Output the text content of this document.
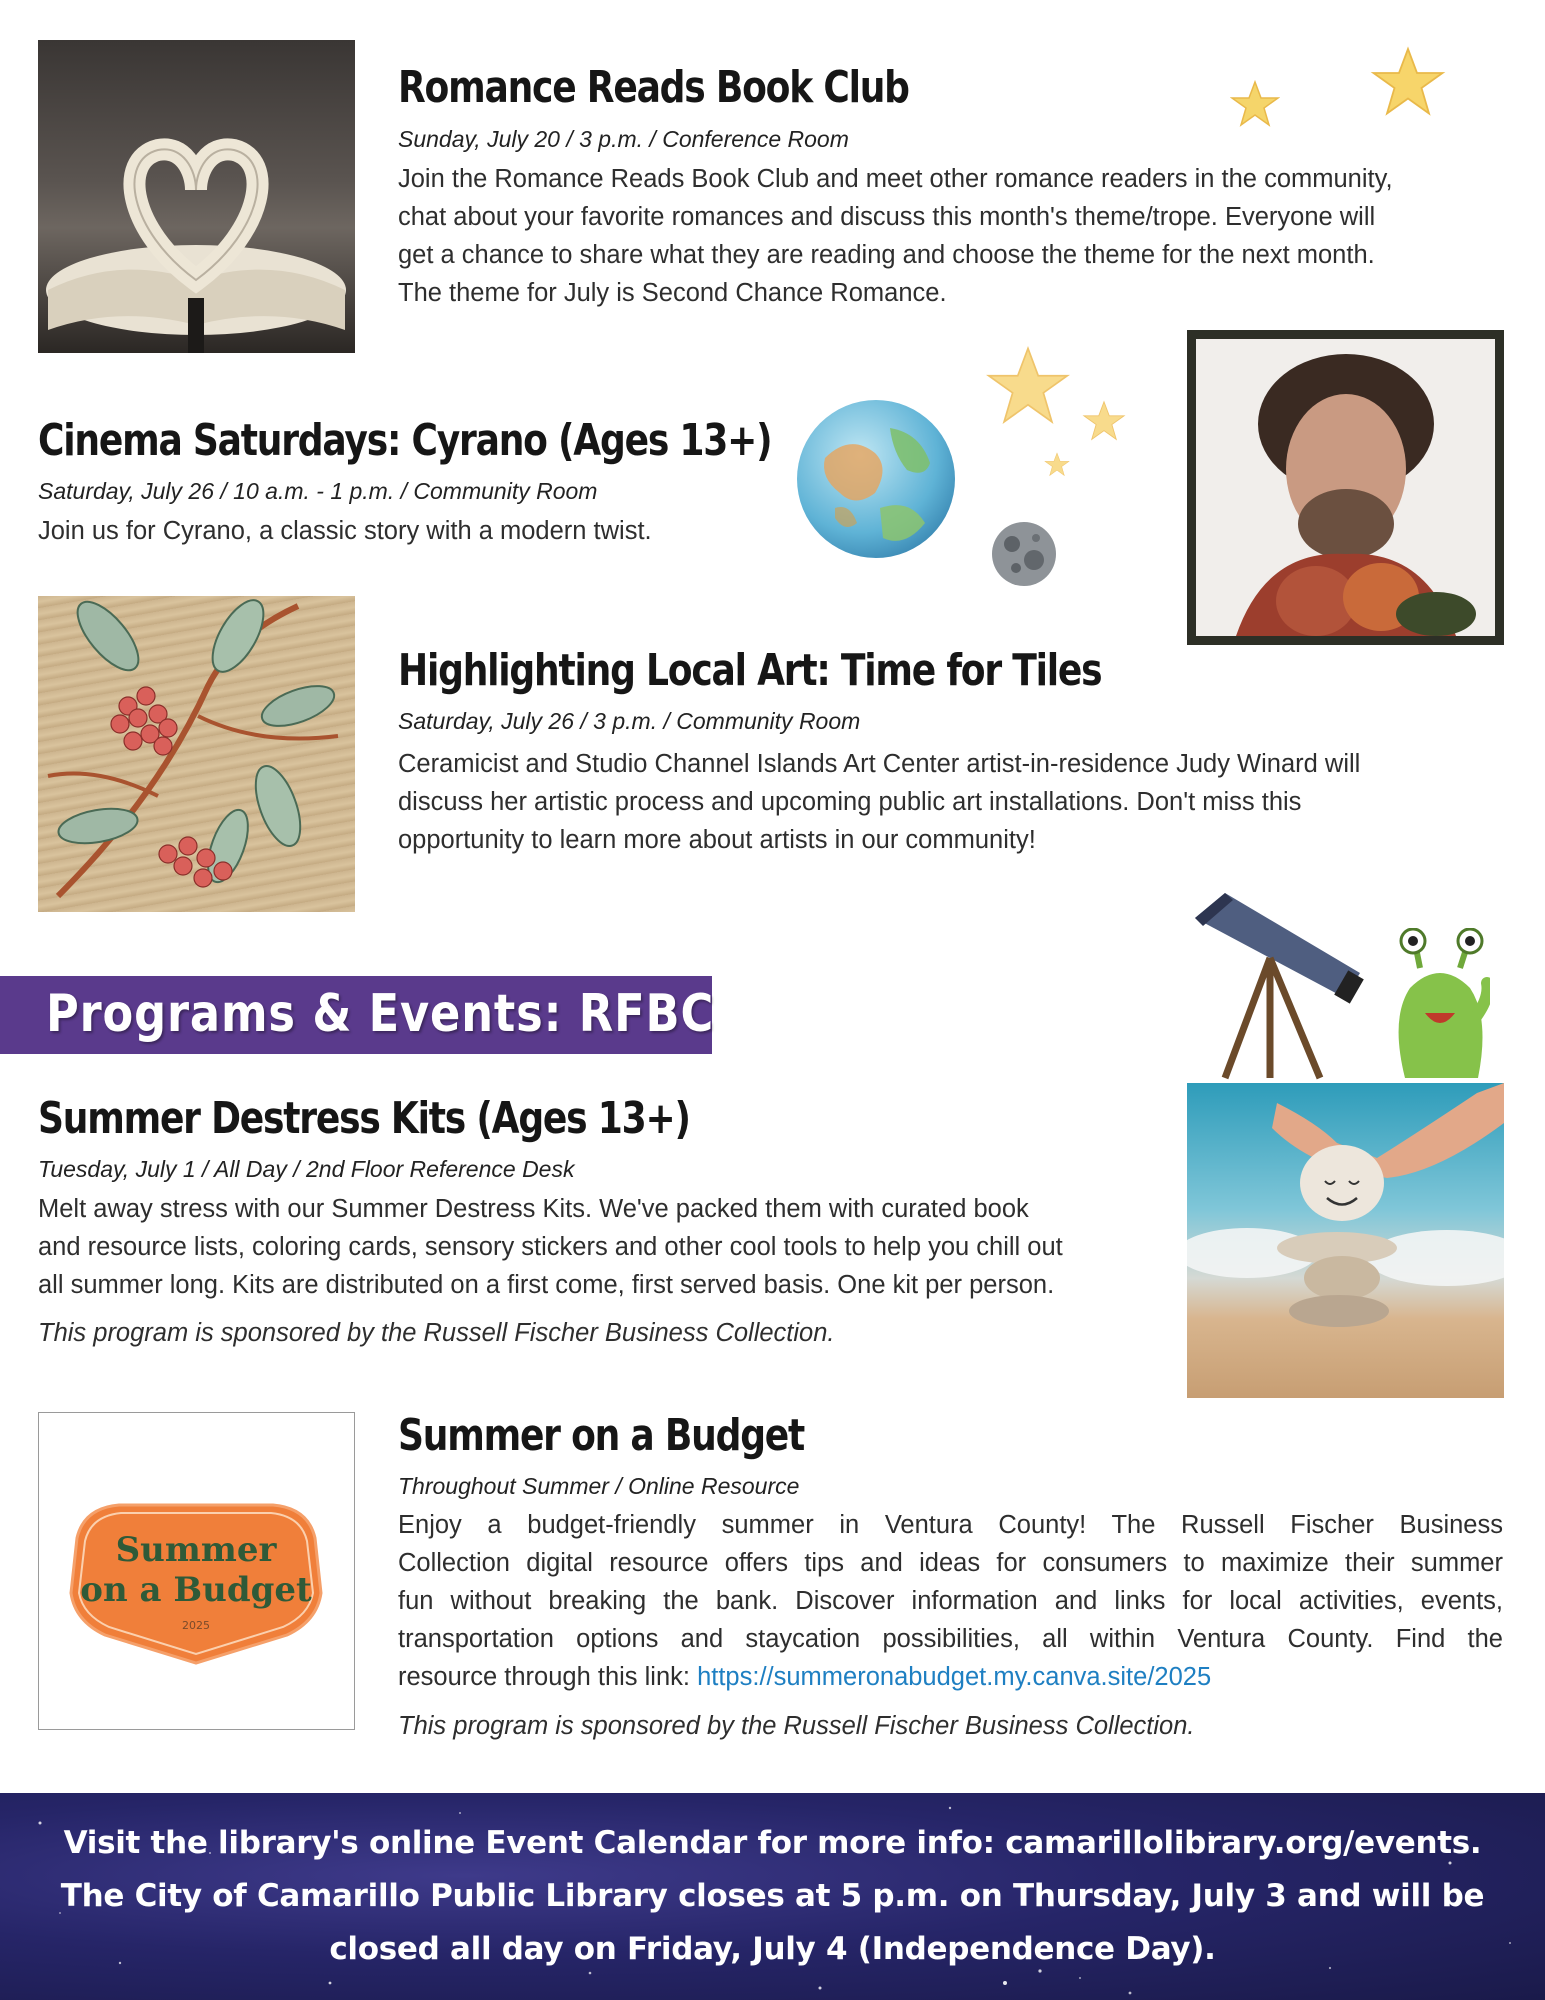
Romance Reads Book Club
Sunday, July 20 / 3 p.m. / Conference Room
Join the Romance Reads Book Club and meet other romance readers in the community,
chat about your favorite romances and discuss this month's theme/trope. Everyone will
get a chance to share what they are reading and choose the theme for the next month.
The theme for July is Second Chance Romance.
Cinema Saturdays: Cyrano (Ages 13+)
Saturday, July 26 / 10 a.m. - 1 p.m. / Community Room
Join us for Cyrano, a classic story with a modern twist.
Highlighting Local Art: Time for Tiles
Saturday, July 26 / 3 p.m. / Community Room
Ceramicist and Studio Channel Islands Art Center artist-in-residence Judy Winard will
discuss her artistic process and upcoming public art installations. Don't miss this
opportunity to learn more about artists in our community!
Programs & Events: RFBC
Summer Destress Kits (Ages 13+)
Tuesday, July 1 / All Day / 2nd Floor Reference Desk
Melt away stress with our Summer Destress Kits. We've packed them with curated book
and resource lists, coloring cards, sensory stickers and other cool tools to help you chill out
all summer long. Kits are distributed on a first come, first served basis. One kit per person.
This program is sponsored by the Russell Fischer Business Collection.
Summer
on a Budget
2025
Summer on a Budget
Throughout Summer / Online Resource
Enjoy a budget-friendly summer in Ventura County! The Russell Fischer Business
Collection digital resource offers tips and ideas for consumers to maximize their summer
fun without breaking the bank. Discover information and links for local activities, events,
transportation options and staycation possibilities, all within Ventura County. Find the
resource through this link: https://summeronabudget.my.canva.site/2025
This program is sponsored by the Russell Fischer Business Collection.
Visit the library's online Event Calendar for more info: camarillolibrary.org/events.
The City of Camarillo Public Library closes at 5 p.m. on Thursday, July 3 and will be
closed all day on Friday, July 4 (Independence Day).
